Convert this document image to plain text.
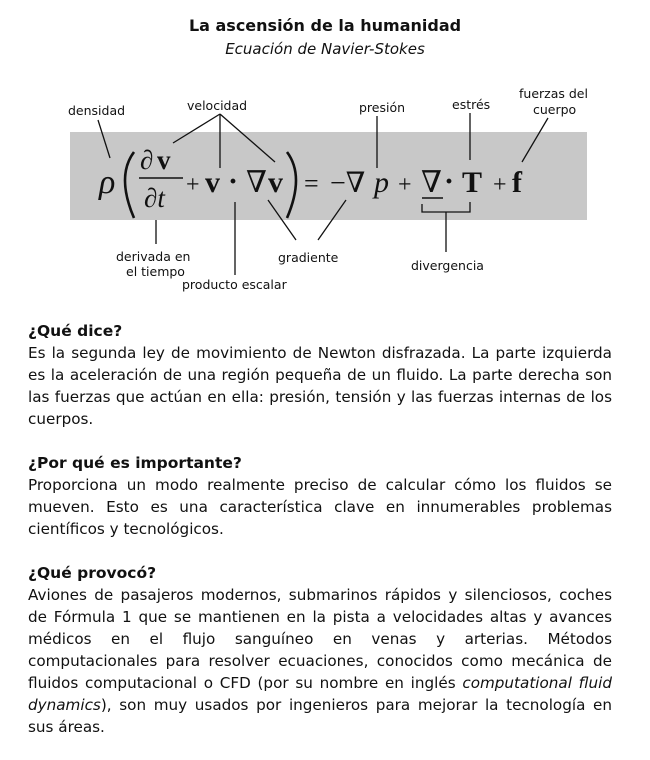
La ascensión de la humanidad
Ecuación de Navier-Stokes
densidad	velocidad	presión	estrés
fuerzas del
cuerpo
derivada en
el tiempo
producto escalar
gradiente
divergencia
ρ
∂ v
∂t + v · ∇ v = −∇ p + ∇ · T + f
¿Qué dice?

Es la segunda ley de movimiento de Newton disfrazada. La parte izquierda es la aceleración de una región pequeña de un fluido. La parte derecha son las fuerzas que actúan en ella: presión, tensión y las fuerzas internas de los cuerpos.

¿Por qué es importante?

Proporciona un modo realmente preciso de calcular cómo los fluidos se mueven. Esto es una característica clave en innumerables problemas científicos y tecnológicos.

¿Qué provocó?

Aviones de pasajeros modernos, submarinos rápidos y silenciosos, coches de Fórmula 1 que se mantienen en la pista a velocidades altas y avances médicos en el flujo sanguíneo en venas y arterias. Métodos computacionales para resolver ecuaciones, conocidos como mecánica de fluidos computacional o CFD (por su nombre en inglés computational fluid dynamics), son muy usados por ingenieros para mejorar la tecnología en sus áreas.
